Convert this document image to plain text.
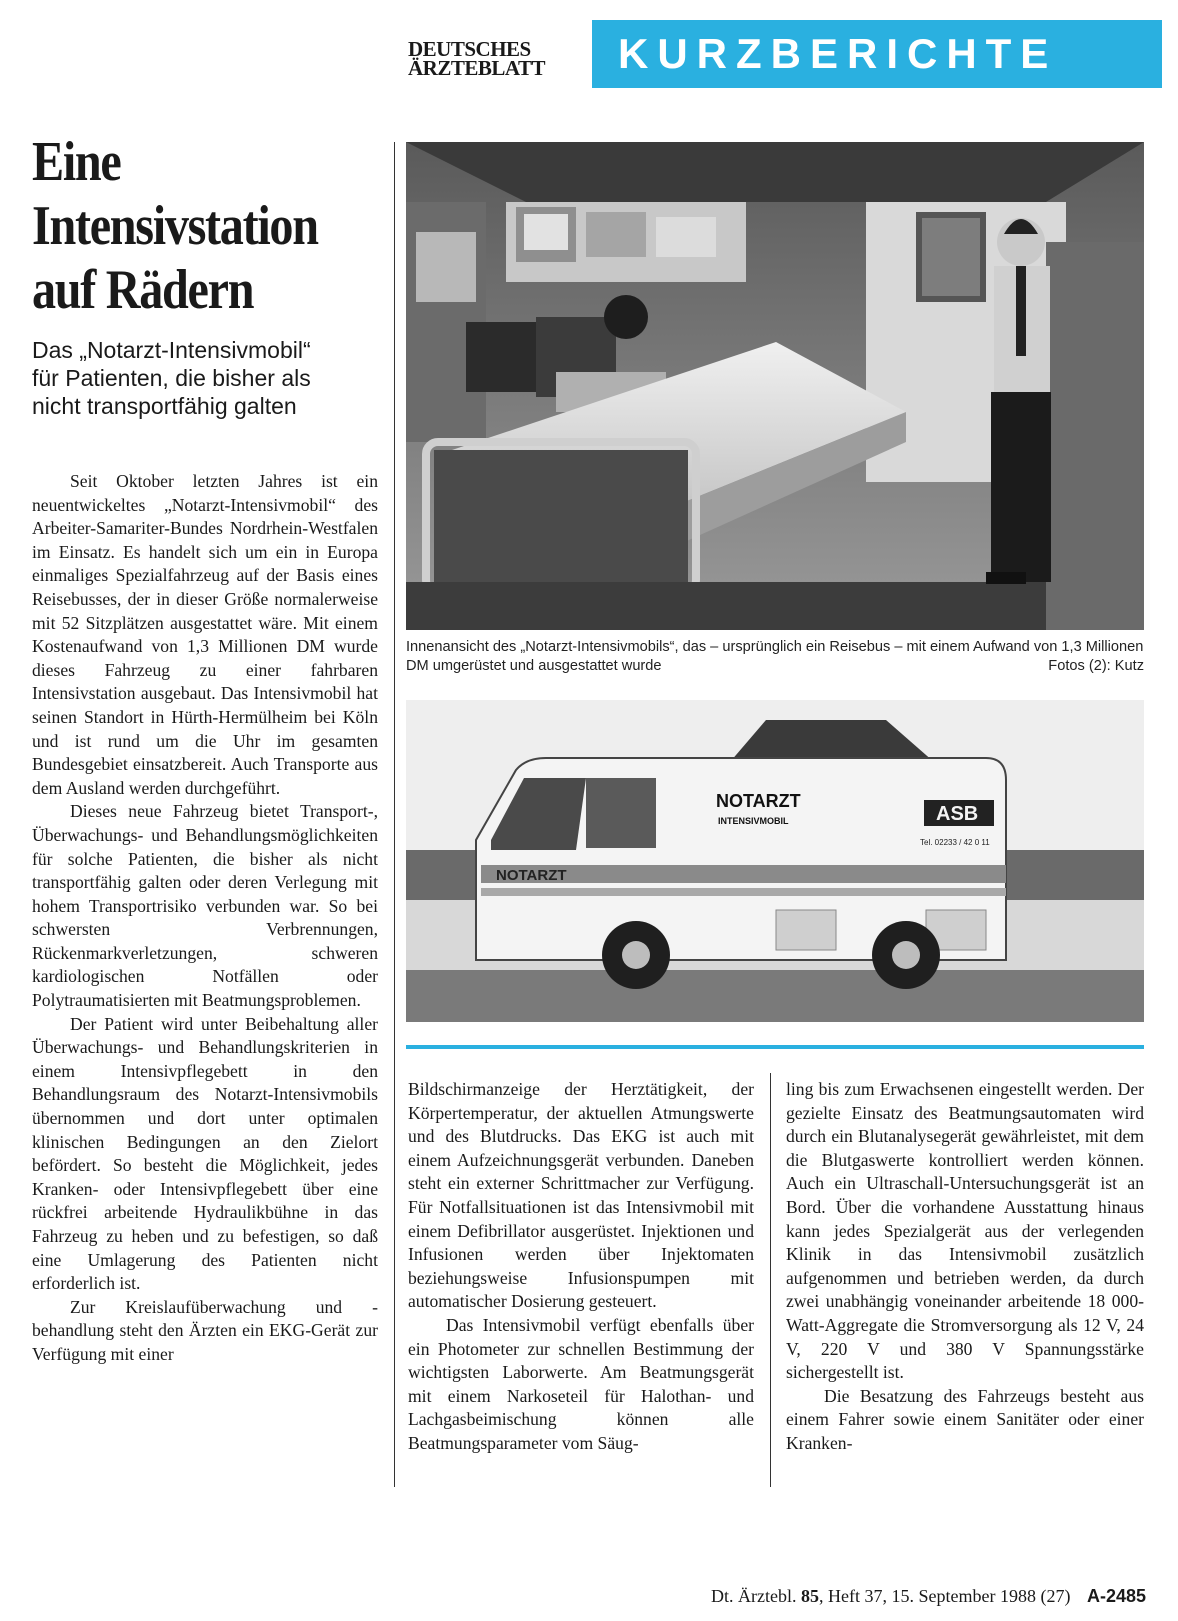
DEUTSCHES
ÄRZTEBLATT KURZBERICHTE
Eine
Intensivstation
auf Rädern
Das „Notarzt-Intensivmobil“
für Patienten, die bisher als
nicht transportfähig galten
Innenansicht des „Notarzt-Intensivmobils“, das – ursprünglich ein Reisebus – mit einem Aufwand von 1,3 Millionen DM umgerüstet und ausgestattet wurde	Fotos (2): Kutz
NOTARZT
INTENSIVMOBIL	ASB
Tel. 02233 / 42 0 11
NOTARZT

Seit Oktober letzten Jahres ist ein neuentwickeltes „Notarzt-Intensivmobil“ des Arbeiter-Samariter-Bundes Nordrhein-Westfalen im Einsatz. Es handelt sich um ein in Europa einmaliges Spezialfahrzeug auf der Basis eines Reisebusses, der in dieser Größe normalerweise mit 52 Sitzplätzen ausgestattet wäre. Mit einem Kostenaufwand von 1,3 Millionen DM wurde dieses Fahrzeug zu einer fahrbaren Intensivstation ausgebaut. Das Intensivmobil hat seinen Standort in Hürth-Hermülheim bei Köln und ist rund um die Uhr im gesamten Bundesgebiet einsatzbereit. Auch Transporte aus dem Ausland werden durchgeführt.

Dieses neue Fahrzeug bietet Transport-, Überwachungs- und Behandlungsmöglichkeiten für solche Patienten, die bisher als nicht transportfähig galten oder deren Verlegung mit hohem Transportrisiko verbunden war. So bei schwersten Verbrennungen, Rückenmarkverletzungen, schweren kardiologischen Notfällen oder Polytraumatisierten mit Beatmungsproblemen.

Der Patient wird unter Beibehaltung aller Überwachungs- und Behandlungskriterien in einem Intensivpflegebett in den Behandlungsraum des Notarzt-Intensivmobils übernommen und dort unter optimalen klinischen Bedingungen an den Zielort befördert. So besteht die Möglichkeit, jedes Kranken- oder Intensivpflegebett über eine rückfrei arbeitende Hydraulikbühne in das Fahrzeug zu heben und zu befestigen, so daß eine Umlagerung des Patienten nicht erforderlich ist.

Zur Kreislaufüberwachung und -behandlung steht den Ärzten ein EKG-Gerät zur Verfügung mit einer

Bildschirmanzeige der Herztätigkeit, der Körpertemperatur, der aktuellen Atmungswerte und des Blutdrucks. Das EKG ist auch mit einem Aufzeichnungsgerät verbunden. Daneben steht ein externer Schrittmacher zur Verfügung. Für Notfallsituationen ist das Intensivmobil mit einem Defibrillator ausgerüstet. Injektionen und Infusionen werden über Injektomaten beziehungsweise Infusionspumpen mit automatischer Dosierung gesteuert.

Das Intensivmobil verfügt ebenfalls über ein Photometer zur schnellen Bestimmung der wichtigsten Laborwerte. Am Beatmungsgerät mit einem Narkoseteil für Halothan- und Lachgasbeimischung können alle Beatmungsparameter vom Säug-

ling bis zum Erwachsenen eingestellt werden. Der gezielte Einsatz des Beatmungsautomaten wird durch ein Blutanalysegerät gewährleistet, mit dem die Blutgaswerte kontrolliert werden können. Auch ein Ultraschall-Untersuchungsgerät ist an Bord. Über die vorhandene Ausstattung hinaus kann jedes Spezialgerät aus der verlegenden Klinik in das Intensivmobil zusätzlich aufgenommen und betrieben werden, da durch zwei unabhängig voneinander arbeitende 18 000-Watt-Aggregate die Stromversorgung als 12 V, 24 V, 220 V und 380 V Spannungsstärke sichergestellt ist.

Die Besatzung des Fahrzeugs besteht aus einem Fahrer sowie einem Sanitäter oder einer Kranken-

Dt. Ärztebl. 85, Heft 37, 15. September 1988 (27) A-2485
